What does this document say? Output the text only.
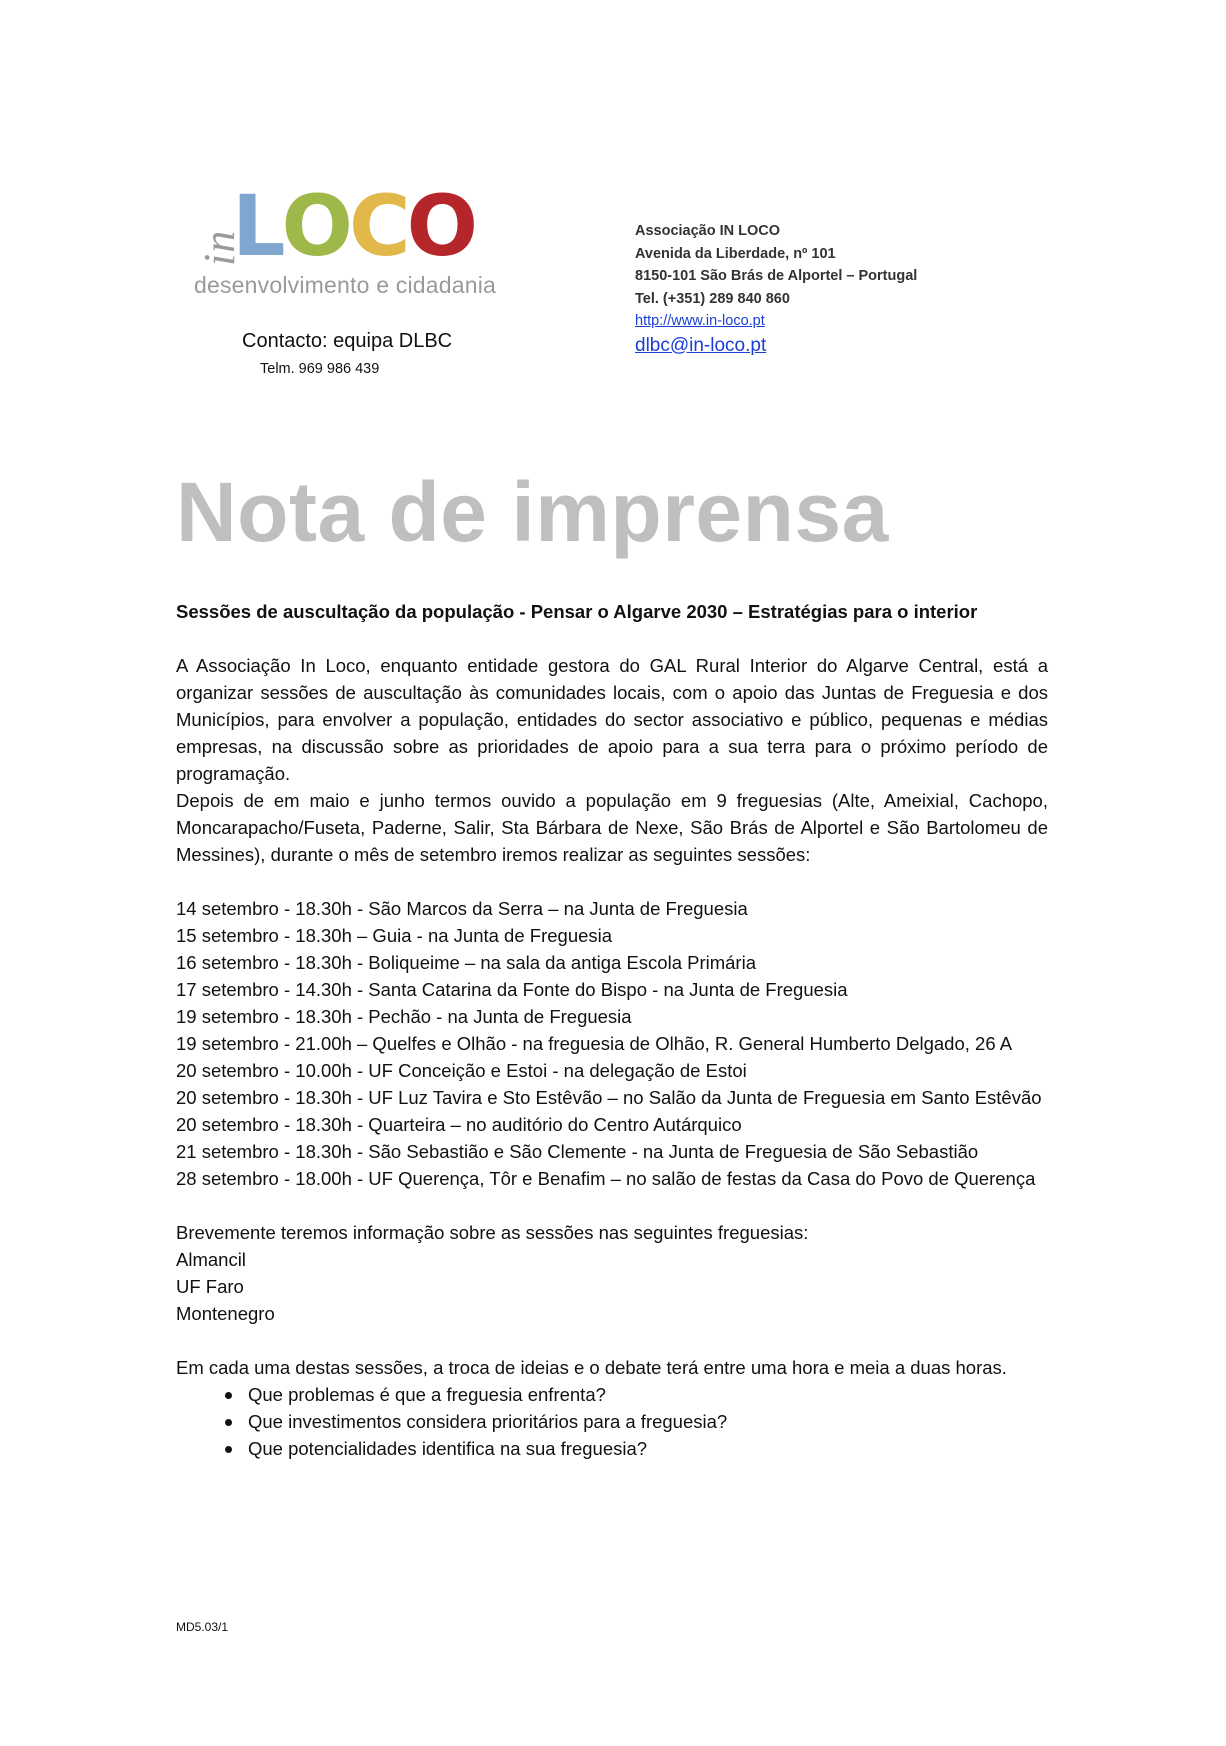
in
LOCO
desenvolvimento e cidadania
Contacto: equipa DLBC
Telm. 969 986 439
Associação IN LOCO
Avenida da Liberdade, nº 101
8150-101 São Brás de Alportel – Portugal
Tel. (+351) 289 840 860
http://www.in-loco.pt
dlbc@in-loco.pt
Nota de imprensa

Sessões de auscultação da população - Pensar o Algarve 2030 – Estratégias para o interior

A Associação In Loco, enquanto entidade gestora do GAL Rural Interior do Algarve Central, está a organizar sessões de auscultação às comunidades locais, com o apoio das Juntas de Freguesia e dos Municípios, para envolver a população, entidades do sector associativo e público, pequenas e médias empresas, na discussão sobre as prioridades de apoio para a sua terra para o próximo período de programação.

Depois de em maio e junho termos ouvido a população em 9 freguesias (Alte, Ameixial, Cachopo, Moncarapacho/Fuseta, Paderne, Salir, Sta Bárbara de Nexe, São Brás de Alportel e São Bartolomeu de Messines), durante o mês de setembro iremos realizar as seguintes sessões:

14 setembro - 18.30h - São Marcos da Serra – na Junta de Freguesia
15 setembro - 18.30h – Guia - na Junta de Freguesia
16 setembro - 18.30h - Boliqueime – na sala da antiga Escola Primária
17 setembro - 14.30h - Santa Catarina da Fonte do Bispo - na Junta de Freguesia
19 setembro - 18.30h - Pechão - na Junta de Freguesia
19 setembro - 21.00h – Quelfes e Olhão - na freguesia de Olhão, R. General Humberto Delgado, 26 A
20 setembro - 10.00h - UF Conceição e Estoi - na delegação de Estoi
20 setembro - 18.30h - UF Luz Tavira e Sto Estêvão – no Salão da Junta de Freguesia em Santo Estêvão
20 setembro - 18.30h - Quarteira – no auditório do Centro Autárquico
21 setembro - 18.30h - São Sebastião e São Clemente - na Junta de Freguesia de São Sebastião
28 setembro - 18.00h - UF Querença, Tôr e Benafim – no salão de festas da Casa do Povo de Querença
Brevemente teremos informação sobre as sessões nas seguintes freguesias:
Almancil
UF Faro
Montenegro
Em cada uma destas sessões, a troca de ideias e o debate terá entre uma hora e meia a duas horas.
Que problemas é que a freguesia enfrenta?
Que investimentos considera prioritários para a freguesia?
Que potencialidades identifica na sua freguesia?
MD5.03/1
